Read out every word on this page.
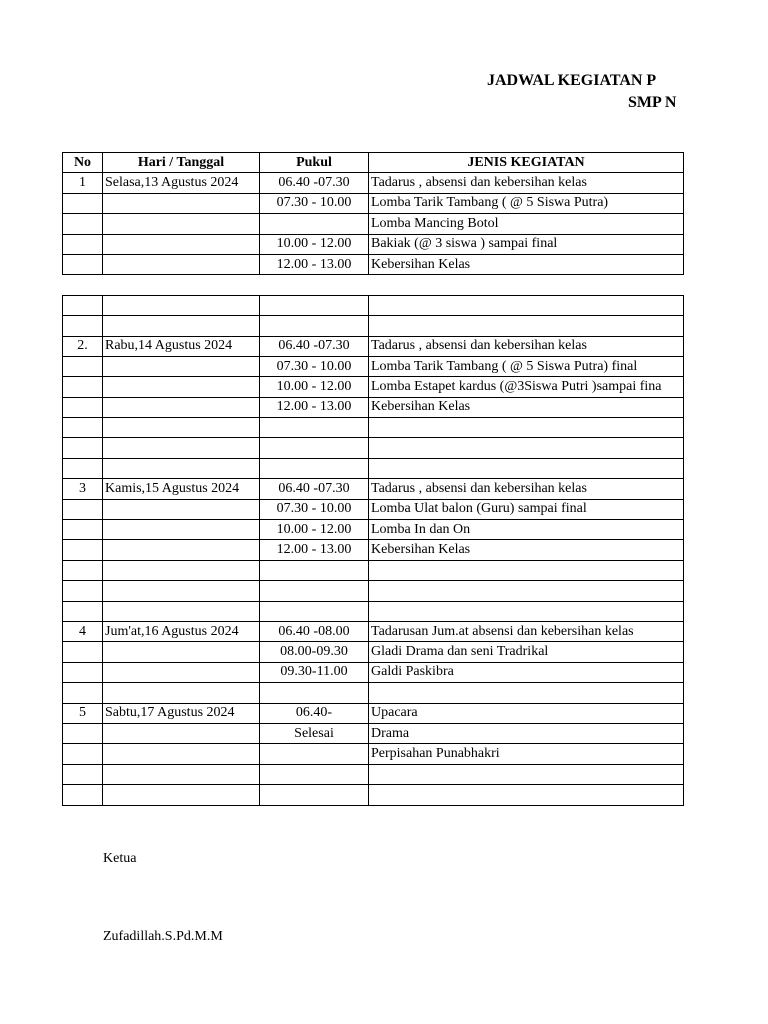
JADWAL KEGIATAN P
SMP N
No	Hari / Tanggal	Pukul	JENIS KEGIATAN
1	Selasa,13 Agustus 2024	06.40 -07.30	Tadarus , absensi dan kebersihan kelas
		07.30 - 10.00	Lomba Tarik Tambang ( @ 5 Siswa Putra)
			Lomba Mancing Botol
		10.00 - 12.00	Bakiak (@ 3 siswa ) sampai final
		12.00 - 13.00	Kebersihan Kelas

2.	Rabu,14 Agustus 2024	06.40 -07.30	Tadarus , absensi dan kebersihan kelas
		07.30 - 10.00	Lomba Tarik Tambang ( @ 5 Siswa Putra) final
		10.00 - 12.00	Lomba Estapet kardus (@3Siswa Putri )sampai fina
		12.00 - 13.00	Kebersihan Kelas

3	Kamis,15 Agustus 2024	06.40 -07.30	Tadarus , absensi dan kebersihan kelas
		07.30 - 10.00	Lomba Ulat balon (Guru) sampai final
		10.00 - 12.00	Lomba In dan On
		12.00 - 13.00	Kebersihan Kelas

4	Jum'at,16 Agustus 2024	06.40 -08.00	Tadarusan Jum.at absensi dan kebersihan kelas
		08.00-09.30	Gladi Drama dan seni Tradrikal
		09.30-11.00	Galdi Paskibra

5	Sabtu,17 Agustus 2024	06.40-	Upacara
		Selesai	Drama
			Perpisahan Punabhakri

Ketua
Zufadillah.S.Pd.M.M
